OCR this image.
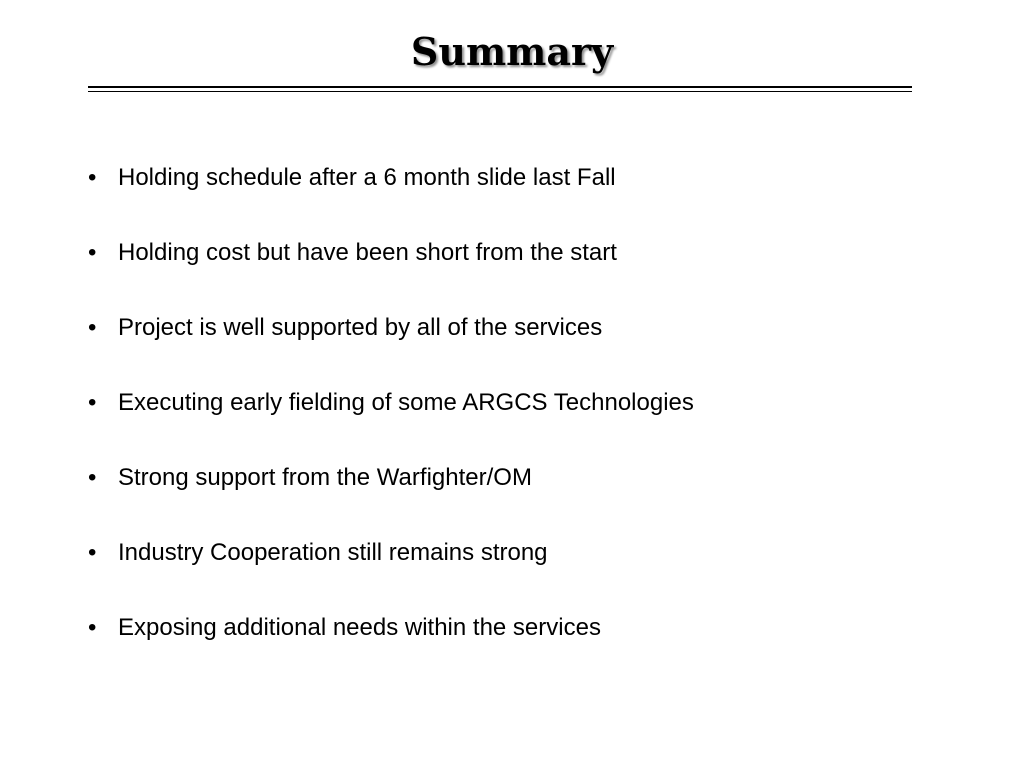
Summary
• Holding schedule after a 6 month slide last Fall
• Holding cost but have been short from the start
• Project is well supported by all of the services
• Executing early fielding of some ARGCS Technologies
• Strong support from the Warfighter/OM
• Industry Cooperation still remains strong
• Exposing additional needs within the services
